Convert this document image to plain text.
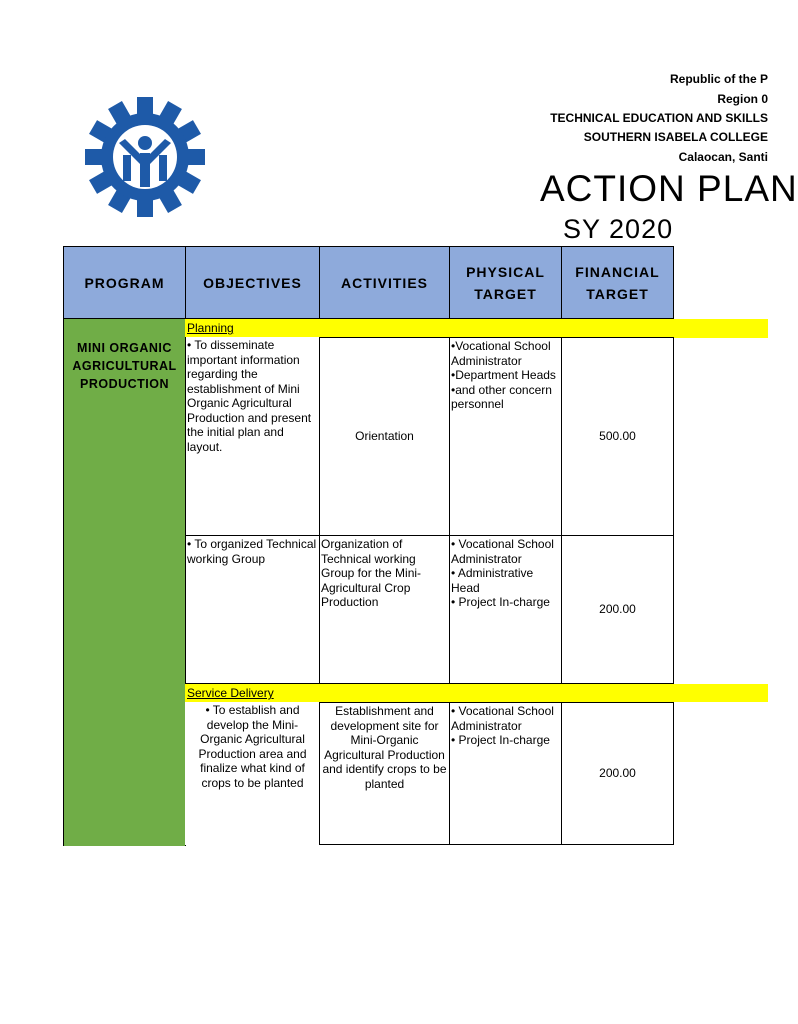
Republic of the P
Region 0
TECHNICAL EDUCATION AND SKILLS
SOUTHERN ISABELA COLLEGE
Calaocan, Santi
ACTION PLAN
SY 2020
PROGRAM	OBJECTIVES	ACTIVITIES
PHYSICAL TARGET
FINANCIAL TARGET
MINI ORGANIC AGRICULTURAL PRODUCTION
Planning
• To disseminate important information regarding the establishment of Mini Organic Agricultural Production and present the initial plan and layout.
Orientation
•Vocational School Administrator
•Department Heads
•and other concern personnel
500.00
• To organized Technical working Group
Organization of Technical working Group for the Mini-Agricultural Crop Production
• Vocational School Administrator
• Administrative Head
• Project In-charge
200.00
Service Delivery
• To establish and develop the Mini-Organic Agricultural Production area and finalize what kind of crops to be planted
Establishment and development site for Mini-Organic Agricultural Production and identify crops to be planted
• Vocational School Administrator
• Project In-charge
200.00
